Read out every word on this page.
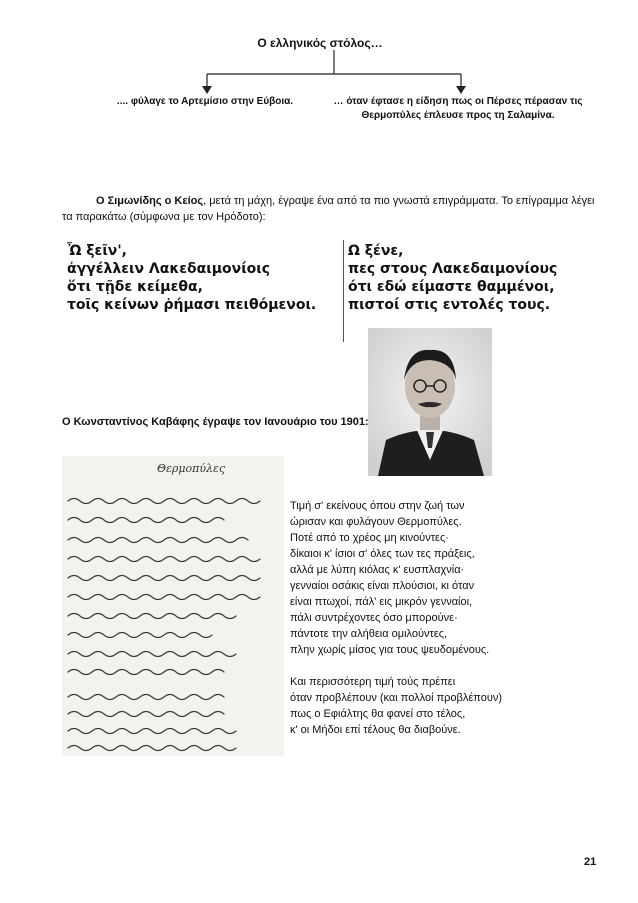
Ο ελληνικός στόλος…
.... φύλαγε το Αρτεμίσιο στην Εύβοια.	… όταν έφτασε η είδηση πως οι Πέρσες πέρασαν τις Θερμοπύλες έπλευσε προς τη Σαλαμίνα.
Ο Σιμωνίδης ο Κείος, μετά τη μάχη, έγραψε ένα από τα πιο γνωστά επιγράμματα. Το επίγραμμα λέγει τα παρακάτω (σύμφωνα με τον Ηρόδοτο):
Ὦ ξεῖν',
ἀγγέλλειν Λακεδαιμονίοις
ὅτι τῇδε κείμεθα,
τοῖς κείνων ῥήμασι πειθόμενοι.
Ω ξένε,
πες στους Λακεδαιμονίους
ότι εδώ είμαστε θαμμένοι,
πιστοί στις εντολές τους.
Ο Κωνσταντίνος Καβάφης έγραψε τον Ιανουάριο του 1901:
Θερμοπύλες
Τιμή σ' εκείνους όπου στην ζωή των
ώρισαν και φυλάγουν Θερμοπύλες.
Ποτέ από το χρέος μη κινούντες·
δίκαιοι κ' ίσιοι σ' όλες των τες πράξεις,
αλλά με λύπη κιόλας κ' ευσπλαχνία·
γενναίοι οσάκις είναι πλούσιοι, κι όταν
είναι πτωχοί, πάλ' εις μικρόν γενναίοι,
πάλι συντρέχοντες όσο μπορούνε·
πάντοτε την αλήθεια ομιλούντες,
πλην χωρίς μίσος για τους ψευδομένους.
Και περισσότερη τιμή τούς πρέπει
όταν προβλέπουν (και πολλοί προβλέπουν)
πως ο Εφιάλτης θα φανεί στο τέλος,
κ' οι Μήδοι επί τέλους θα διαβούνε.
21
